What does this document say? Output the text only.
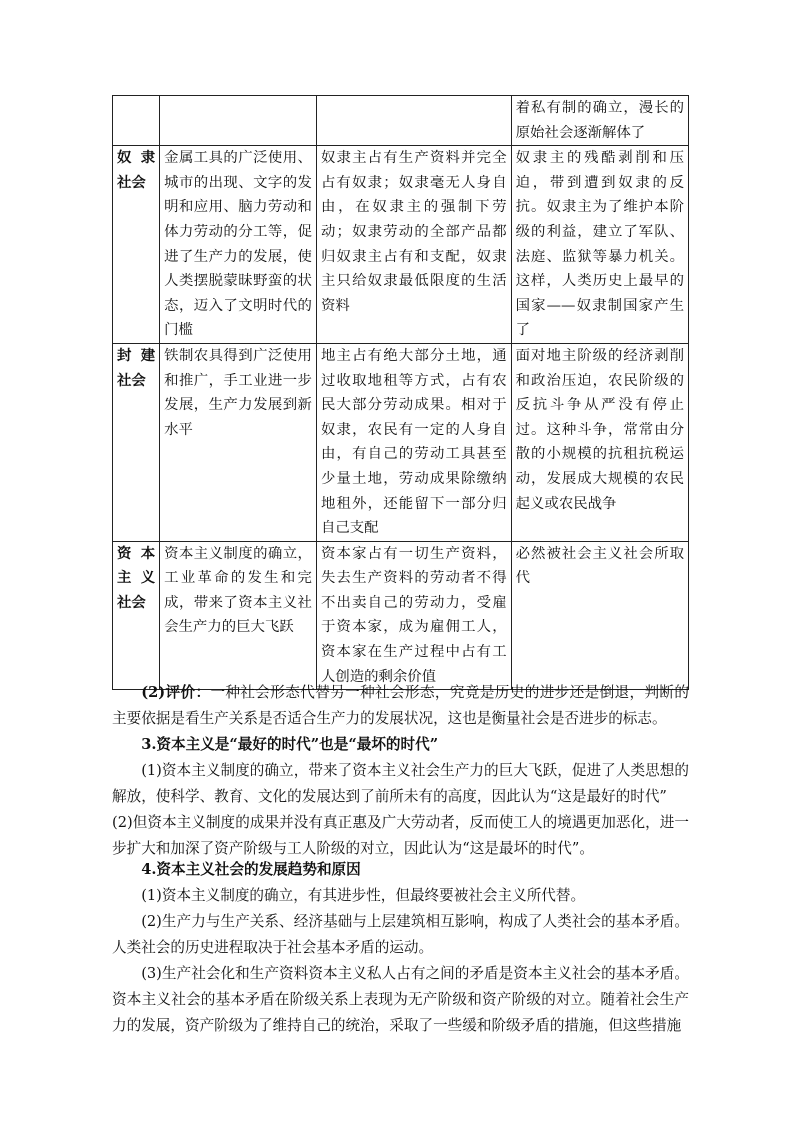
			着私有制的确立，漫长的原始社会逐渐解体了
奴隶社会	金属工具的广泛使用、城市的出现、文字的发明和应用、脑力劳动和体力劳动的分工等，促进了生产力的发展，使人类摆脱蒙昧野蛮的状态，迈入了文明时代的门槛	奴隶主占有生产资料并完全占有奴隶；奴隶毫无人身自由，在奴隶主的强制下劳动；奴隶劳动的全部产品都归奴隶主占有和支配，奴隶主只给奴隶最低限度的生活资料	奴隶主的残酷剥削和压迫，带到遭到奴隶的反抗。奴隶主为了维护本阶级的利益，建立了军队、法庭、监狱等暴力机关。这样，人类历史上最早的国家——奴隶制国家产生了
封建社会	铁制农具得到广泛使用和推广，手工业进一步发展，生产力发展到新水平	地主占有绝大部分土地，通过收取地租等方式，占有农民大部分劳动成果。相对于奴隶，农民有一定的人身自由，有自己的劳动工具甚至少量土地，劳动成果除缴纳地租外，还能留下一部分归自己支配	面对地主阶级的经济剥削和政治压迫，农民阶级的反抗斗争从严没有停止过。这种斗争，常常由分散的小规模的抗租抗税运动，发展成大规模的农民起义或农民战争
资本主义社会	资本主义制度的确立，工业革命的发生和完成，带来了资本主义社会生产力的巨大飞跃	资本家占有一切生产资料，失去生产资料的劳动者不得不出卖自己的劳动力，受雇于资本家，成为雇佣工人，资本家在生产过程中占有工人创造的剩余价值	必然被社会主义社会所取代

(2)评价：一种社会形态代替另一种社会形态，究竟是历史的进步还是倒退，判断的主要依据是看生产关系是否适合生产力的发展状况，这也是衡量社会是否进步的标志。

3.资本主义是“最好的时代”也是“最坏的时代”

(1)资本主义制度的确立，带来了资本主义社会生产力的巨大飞跃，促进了人类思想的解放，使科学、教育、文化的发展达到了前所未有的高度，因此认为“这是最好的时代”

(2)但资本主义制度的成果并没有真正惠及广大劳动者，反而使工人的境遇更加恶化，进一步扩大和加深了资产阶级与工人阶级的对立，因此认为“这是最坏的时代”。

4.资本主义社会的发展趋势和原因

(1)资本主义制度的确立，有其进步性，但最终要被社会主义所代替。

(2)生产力与生产关系、经济基础与上层建筑相互影响，构成了人类社会的基本矛盾。人类社会的历史进程取决于社会基本矛盾的运动。

(3)生产社会化和生产资料资本主义私人占有之间的矛盾是资本主义社会的基本矛盾。资本主义社会的基本矛盾在阶级关系上表现为无产阶级和资产阶级的对立。随着社会生产力的发展，资产阶级为了维持自己的统治，采取了一些缓和阶级矛盾的措施，但这些措施
